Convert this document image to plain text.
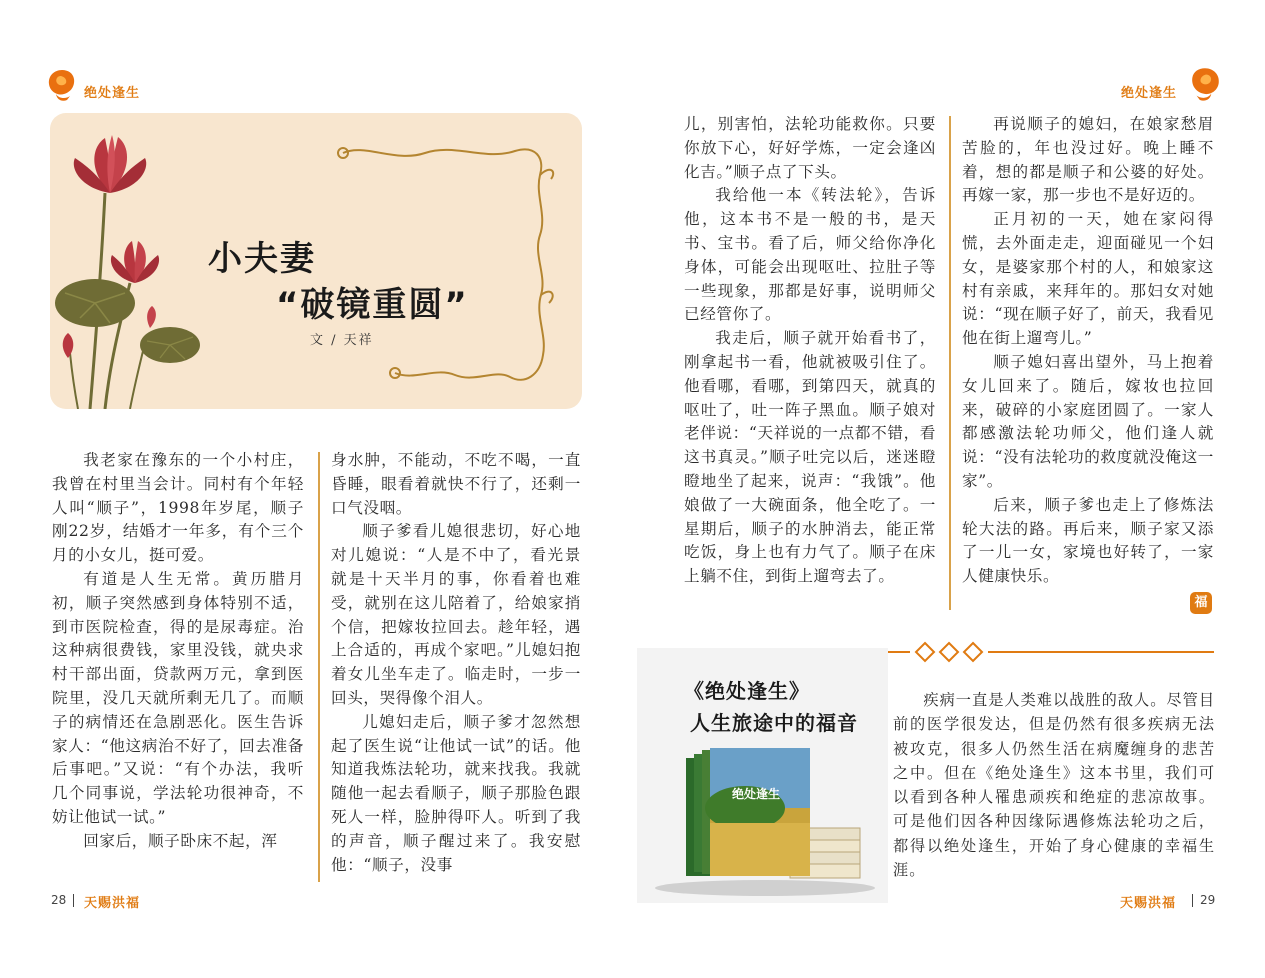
绝处逢生	绝处逢生
小夫妻
“破镜重圆”
文 / 天祥

我老家在豫东的一个小村庄，我曾在村里当会计。同村有个年轻人叫“顺子”，1998年岁尾，顺子刚22岁，结婚才一年多，有个三个月的小女儿，挺可爱。

有道是人生无常。黄历腊月初，顺子突然感到身体特别不适，到市医院检查，得的是尿毒症。治这种病很费钱，家里没钱，就央求村干部出面，贷款两万元，拿到医院里，没几天就所剩无几了。而顺子的病情还在急剧恶化。医生告诉家人：“他这病治不好了，回去准备后事吧。”又说：“有个办法，我听几个同事说，学法轮功很神奇，不妨让他试一试。”

回家后，顺子卧床不起，浑

身水肿，不能动，不吃不喝，一直昏睡，眼看着就快不行了，还剩一口气没咽。

顺子爹看儿媳很悲切，好心地对儿媳说：“人是不中了，看光景就是十天半月的事，你看着也难受，就别在这儿陪着了，给娘家捎个信，把嫁妆拉回去。趁年轻，遇上合适的，再成个家吧。”儿媳妇抱着女儿坐车走了。临走时，一步一回头，哭得像个泪人。

儿媳妇走后，顺子爹才忽然想起了医生说“让他试一试”的话。他知道我炼法轮功，就来找我。我就随他一起去看顺子，顺子那脸色跟死人一样，脸肿得吓人。听到了我的声音，顺子醒过来了。我安慰他：“顺子，没事

儿，别害怕，法轮功能救你。只要你放下心，好好学炼，一定会逢凶化吉。”顺子点了下头。

我给他一本《转法轮》，告诉他，这本书不是一般的书，是天书、宝书。看了后，师父给你净化身体，可能会出现呕吐、拉肚子等一些现象，那都是好事，说明师父已经管你了。

我走后，顺子就开始看书了，刚拿起书一看，他就被吸引住了。他看哪，看哪，到第四天，就真的呕吐了，吐一阵子黑血。顺子娘对老伴说：“天祥说的一点都不错，看这书真灵。”顺子吐完以后，迷迷瞪瞪地坐了起来，说声：“我饿”。他娘做了一大碗面条，他全吃了。一星期后，顺子的水肿消去，能正常吃饭，身上也有力气了。顺子在床上躺不住，到街上遛弯去了。

再说顺子的媳妇，在娘家愁眉苦脸的，年也没过好。晚上睡不着，想的都是顺子和公婆的好处。再嫁一家，那一步也不是好迈的。

正月初的一天，她在家闷得慌，去外面走走，迎面碰见一个妇女，是婆家那个村的人，和娘家这村有亲戚，来拜年的。那妇女对她说：“现在顺子好了，前天，我看见他在街上遛弯儿。”

顺子媳妇喜出望外，马上抱着女儿回来了。随后，嫁妆也拉回来，破碎的小家庭团圆了。一家人都感激法轮功师父，他们逢人就说：“没有法轮功的救度就没俺这一家”。

后来，顺子爹也走上了修炼法轮大法的路。再后来，顺子家又添了一儿一女，家境也好转了，一家人健康快乐。

福
《绝处逢生》
人生旅途中的福音
绝处逢生

疾病一直是人类难以战胜的敌人。尽管目前的医学很发达，但是仍然有很多疾病无法被攻克，很多人仍然生活在病魔缠身的悲苦之中。但在《绝处逢生》这本书里，我们可以看到各种人罹患顽疾和绝症的悲凉故事。可是他们因各种因缘际遇修炼法轮功之后，都得以绝处逢生，开始了身心健康的幸福生涯。

28 天赐洪福	天赐洪福 29
